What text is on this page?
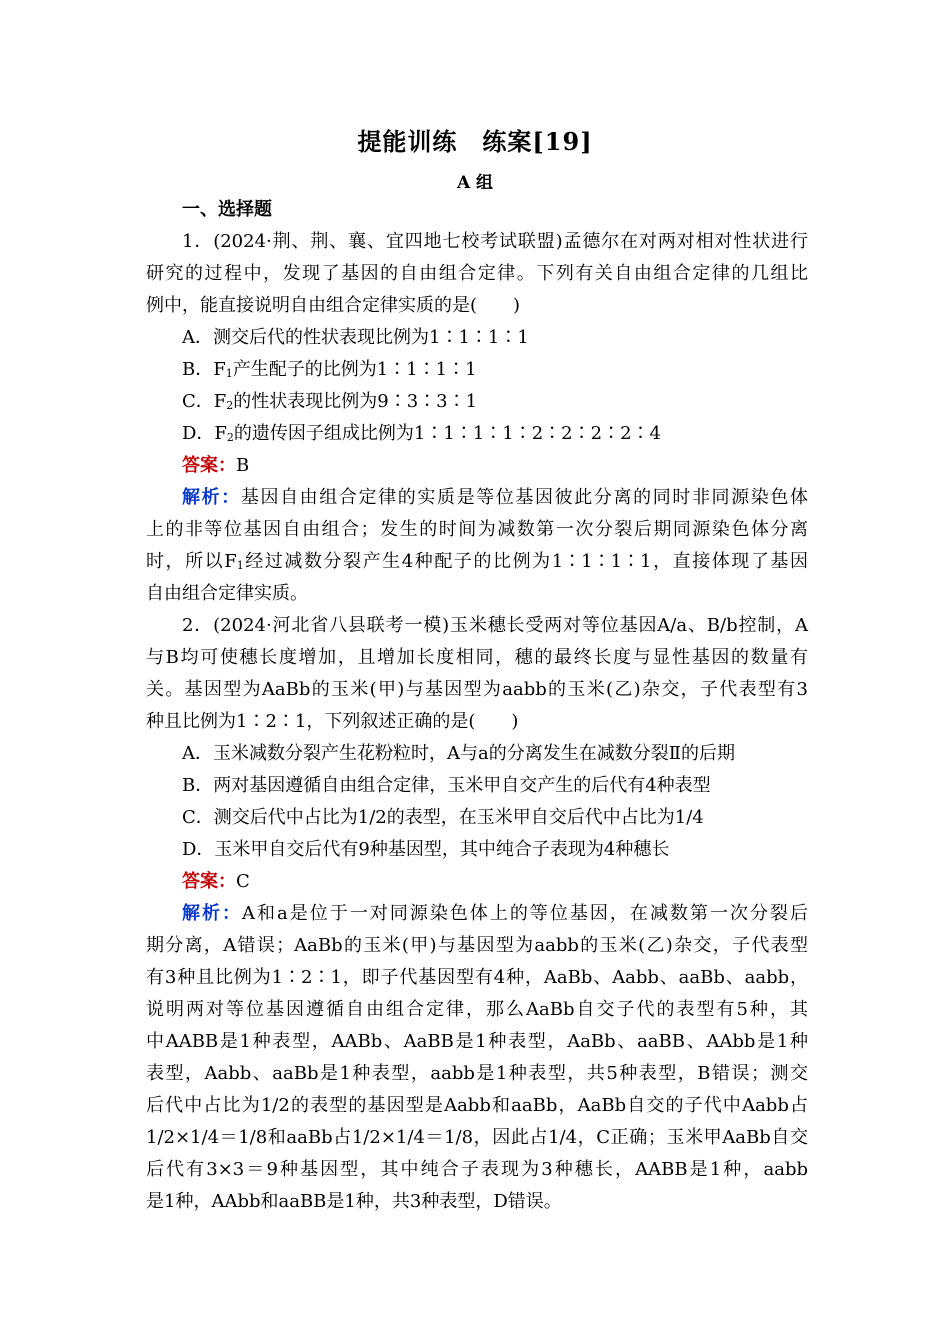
提能训练　练案[19]
A 组
一、选择题
1．(2024·荆、荆、襄、宜四地七校考试联盟)孟德尔在对两对相对性状进行
研究的过程中，发现了基因的自由组合定律。下列有关自由组合定律的几组比
例中，能直接说明自由组合定律实质的是(　　)
A．测交后代的性状表现比例为1∶1∶1∶1
B．$F_1$产生配子的比例为1∶1∶1∶1
C．$F_2$的性状表现比例为9∶3∶3∶1
D．$F_2$的遗传因子组成比例为1∶1∶1∶1∶2∶2∶2∶2∶4
答案：B
解析：基因自由组合定律的实质是等位基因彼此分离的同时非同源染色体
上的非等位基因自由组合；发生的时间为减数第一次分裂后期同源染色体分离
时，所以$F_1$经过减数分裂产生4种配子的比例为1∶1∶1∶1，直接体现了基因
自由组合定律实质。
2．(2024·河北省八县联考一模)玉米穗长受两对等位基因A/a、B/b控制，A
与B均可使穗长度增加，且增加长度相同，穗的最终长度与显性基因的数量有
关。基因型为AaBb的玉米(甲)与基因型为aabb的玉米(乙)杂交，子代表型有3
种且比例为1∶2∶1，下列叙述正确的是(　　)
A．玉米减数分裂产生花粉粒时，A与a的分离发生在减数分裂Ⅱ的后期
B．两对基因遵循自由组合定律，玉米甲自交产生的后代有4种表型
C．测交后代中占比为1/2的表型，在玉米甲自交后代中占比为1/4
D．玉米甲自交后代有9种基因型，其中纯合子表现为4种穗长
答案：C
解析：A和a是位于一对同源染色体上的等位基因，在减数第一次分裂后
期分离，A错误；AaBb的玉米(甲)与基因型为aabb的玉米(乙)杂交，子代表型
有3种且比例为1∶2∶1，即子代基因型有4种，AaBb、Aabb、aaBb、aabb，
说明两对等位基因遵循自由组合定律，那么AaBb自交子代的表型有5种，其
中AABB是1种表型，AABb、AaBB是1种表型，AaBb、aaBB、AAbb是1种
表型，Aabb、aaBb是1种表型，aabb是1种表型，共5种表型，B错误；测交
后代中占比为1/2的表型的基因型是Aabb和aaBb，AaBb自交的子代中Aabb占
1/2×1/4＝1/8和aaBb占1/2×1/4＝1/8，因此占1/4，C正确；玉米甲AaBb自交
后代有3×3＝9种基因型，其中纯合子表现为3种穗长，AABB是1种，aabb
是1种，AAbb和aaBB是1种，共3种表型，D错误。
